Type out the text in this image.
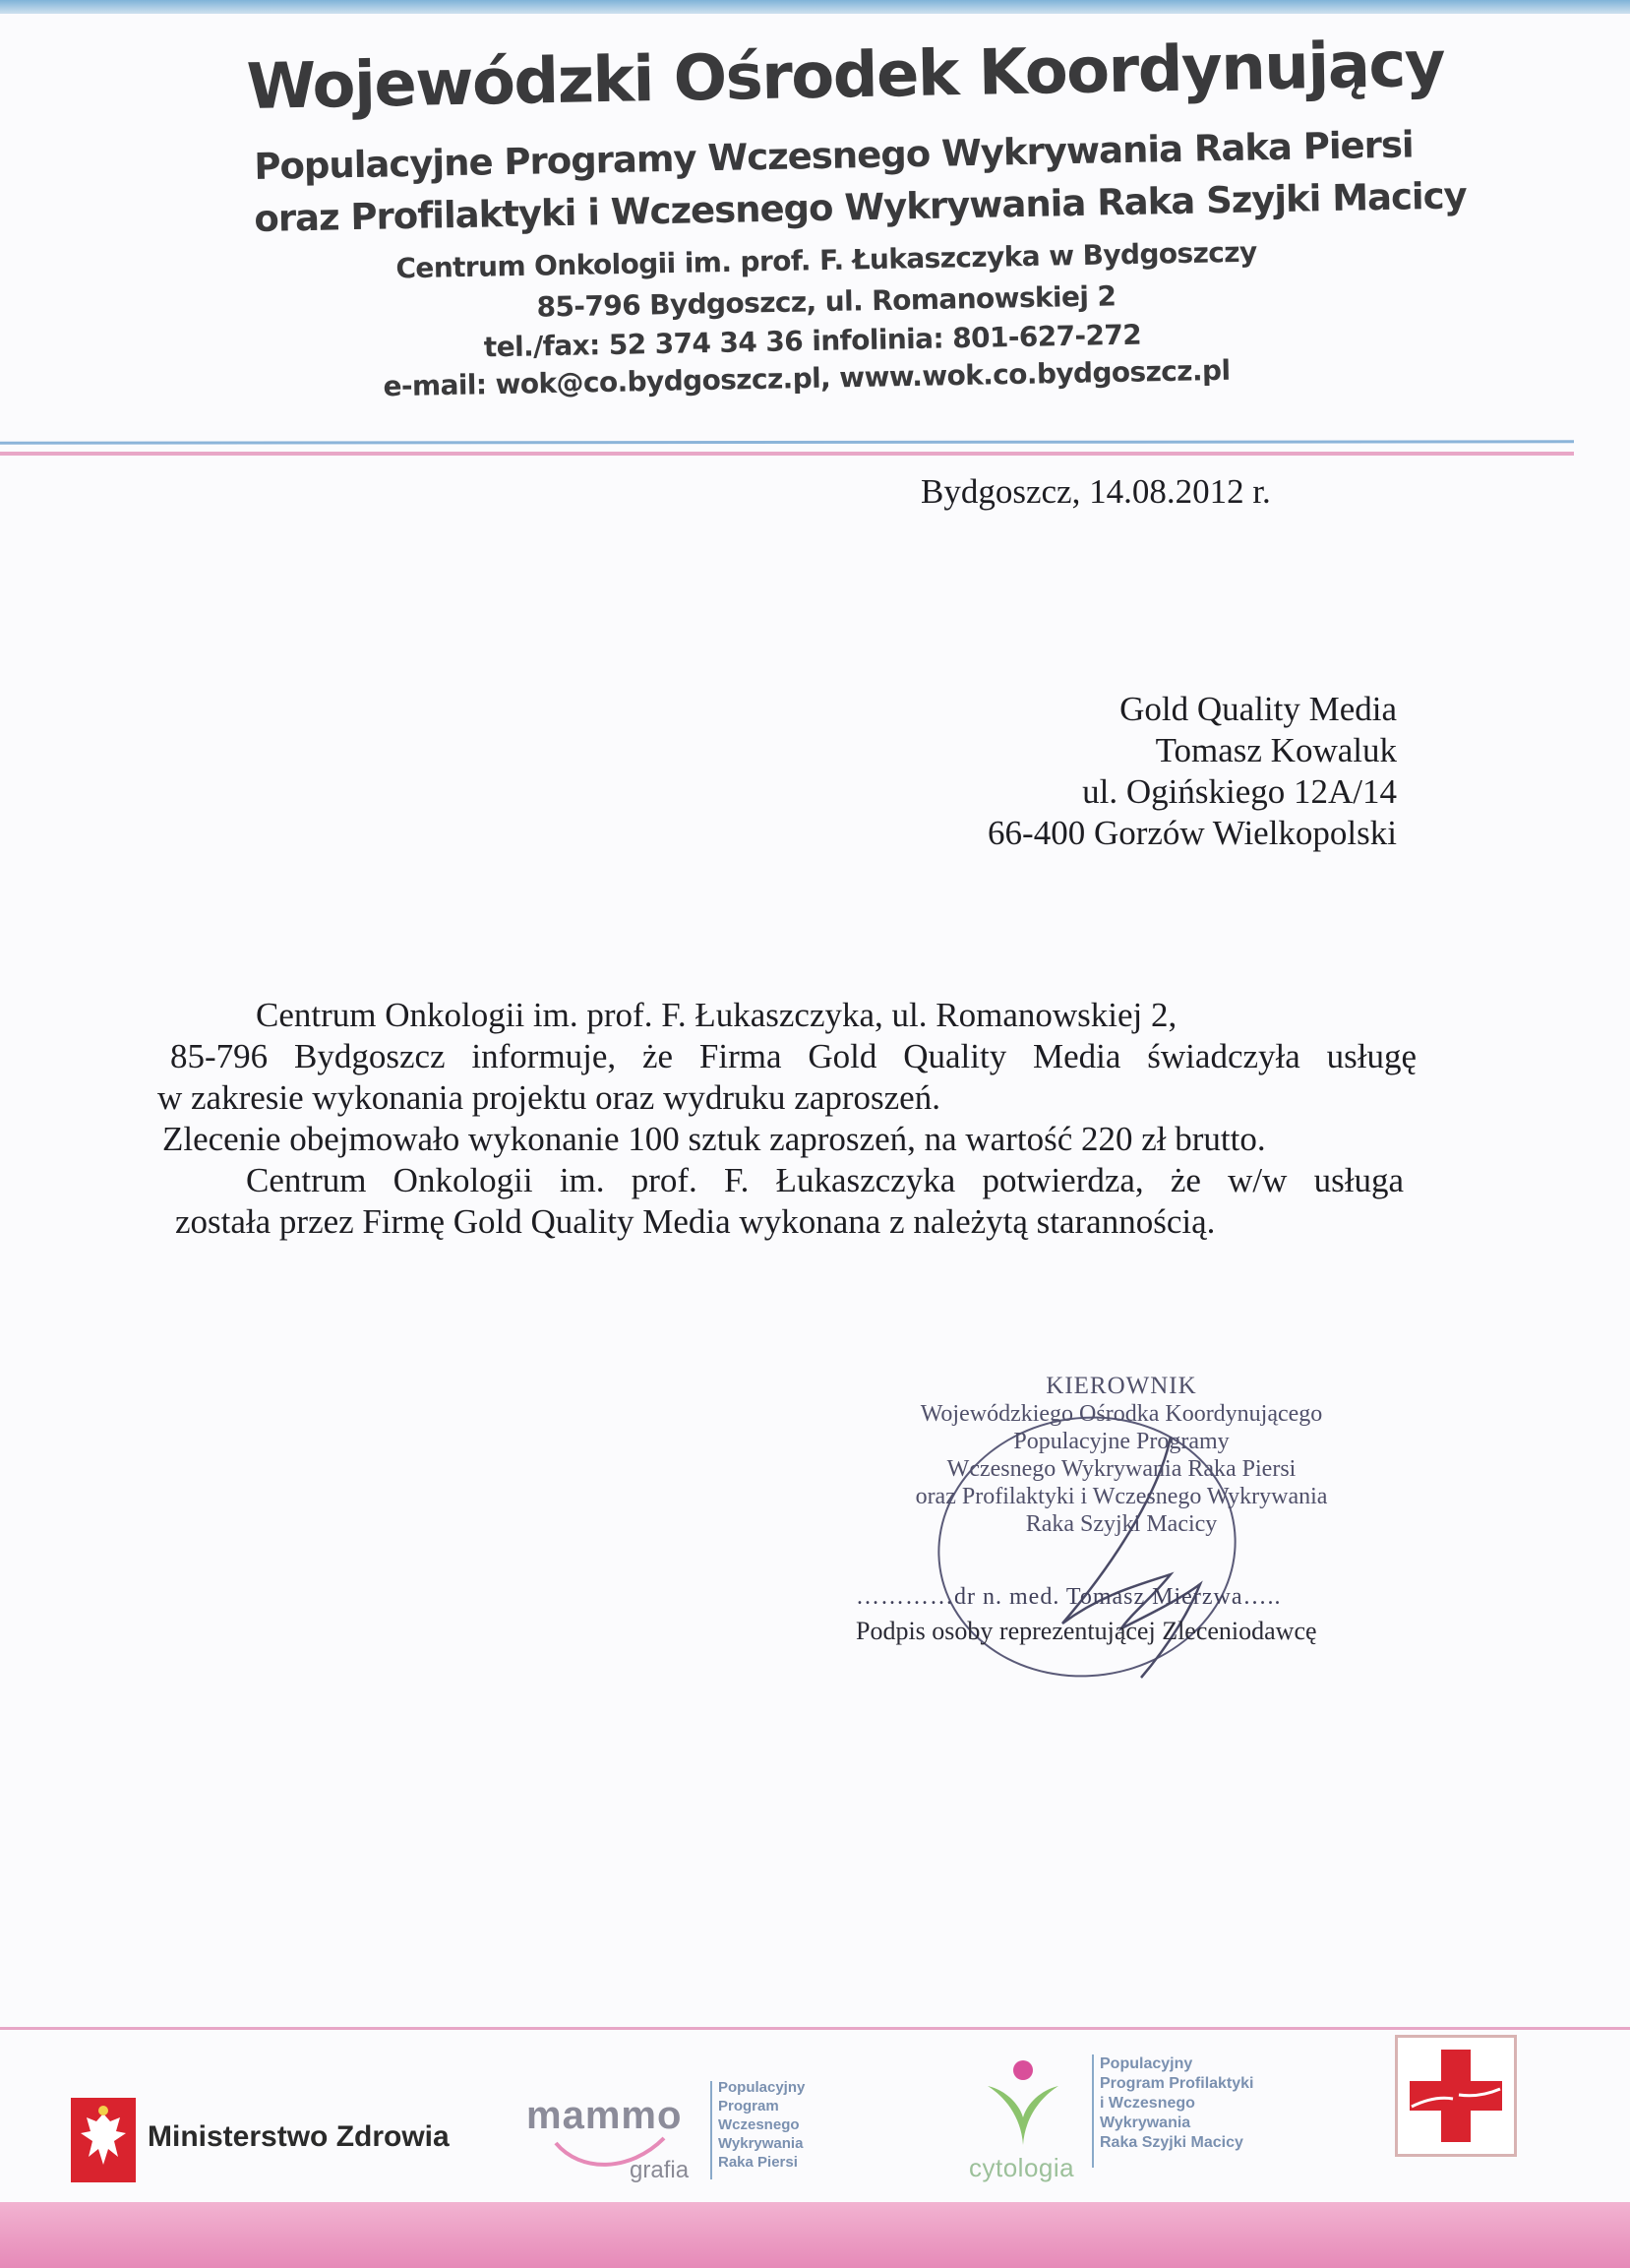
Wojewódzki Ośrodek Koordynujący
Populacyjne Programy Wczesnego Wykrywania Raka Piersi
oraz Profilaktyki i Wczesnego Wykrywania Raka Szyjki Macicy
Centrum Onkologii im. prof. F. Łukaszczyka w Bydgoszczy
85-796 Bydgoszcz, ul. Romanowskiej 2
tel./fax: 52 374 34 36 infolinia: 801-627-272
e-mail: wok@co.bydgoszcz.pl, www.wok.co.bydgoszcz.pl
Bydgoszcz, 14.08.2012 r.
Gold Quality Media
Tomasz Kowaluk
ul. Ogińskiego 12A/14
66-400 Gorzów Wielkopolski
Centrum Onkologii im. prof. F. Łukaszczyka, ul. Romanowskiej 2,
85-796 Bydgoszcz informuje, że Firma Gold Quality Media świadczyła usługę
w zakresie wykonania projektu oraz wydruku zaproszeń.
Zlecenie obejmowało wykonanie 100 sztuk zaproszeń, na wartość 220 zł brutto.
Centrum Onkologii im. prof. F. Łukaszczyka potwierdza, że w/w usługa
została przez Firmę Gold Quality Media wykonana z należytą starannością.
KIEROWNIK
Wojewódzkiego Ośrodka Koordynującego
Populacyjne Programy
Wczesnego Wykrywania Raka Piersi
oraz Profilaktyki i Wczesnego Wykrywania
Raka Szyjki Macicy
…………dr n. med. Tomasz Mierzwa…..
Podpis osoby reprezentującej Zleceniodawcę
Ministerstwo Zdrowia mammo
grafia
Populacyjny
Program
Wczesnego
Wykrywania
Raka Piersi	cytologia
Populacyjny
Program Profilaktyki
i Wczesnego
Wykrywania
Raka Szyjki Macicy
